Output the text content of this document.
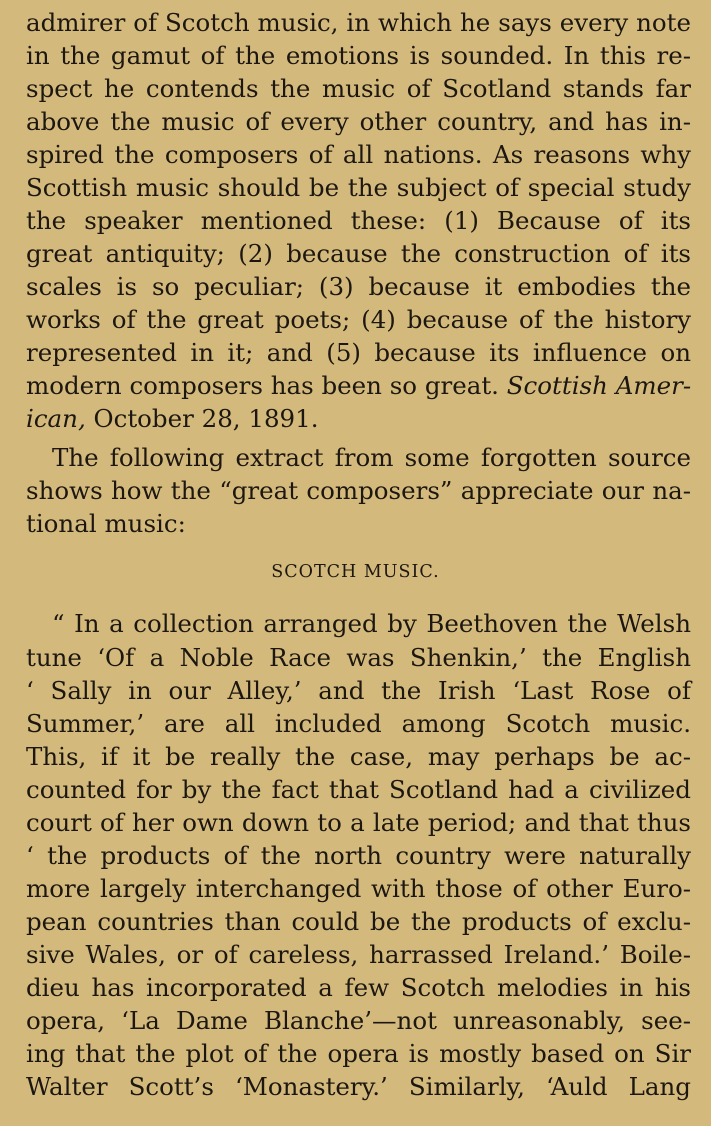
admirer of Scotch music, in which he says every note
in the gamut of the emotions is sounded. In this re-
spect he contends the music of Scotland stands far
above the music of every other country, and has in-
spired the composers of all nations. As reasons why
Scottish music should be the subject of special study
the speaker mentioned these: (1) Because of its
great antiquity; (2) because the construction of its
scales is so peculiar; (3) because it embodies the
works of the great poets; (4) because of the history
represented in it; and (5) because its influence on
modern composers has been so great. Scottish Amer-
ican, October 28, 1891.
The following extract from some forgotten source
shows how the “great composers” appreciate our na-
tional music:
SCOTCH MUSIC.
“ In a collection arranged by Beethoven the Welsh
tune ‘Of a Noble Race was Shenkin,’ the English
‘ Sally in our Alley,’ and the Irish ‘Last Rose of
Summer,’ are all included among Scotch music.
This, if it be really the case, may perhaps be ac-
counted for by the fact that Scotland had a civilized
court of her own down to a late period; and that thus
‘ the products of the north country were naturally
more largely interchanged with those of other Euro-
pean countries than could be the products of exclu-
sive Wales, or of careless, harrassed Ireland.’ Boile-
dieu has incorporated a few Scotch melodies in his
opera, ‘La Dame Blanche’—not unreasonably, see-
ing that the plot of the opera is mostly based on Sir
Walter Scott’s ‘Monastery.’ Similarly, ‘Auld Lang
